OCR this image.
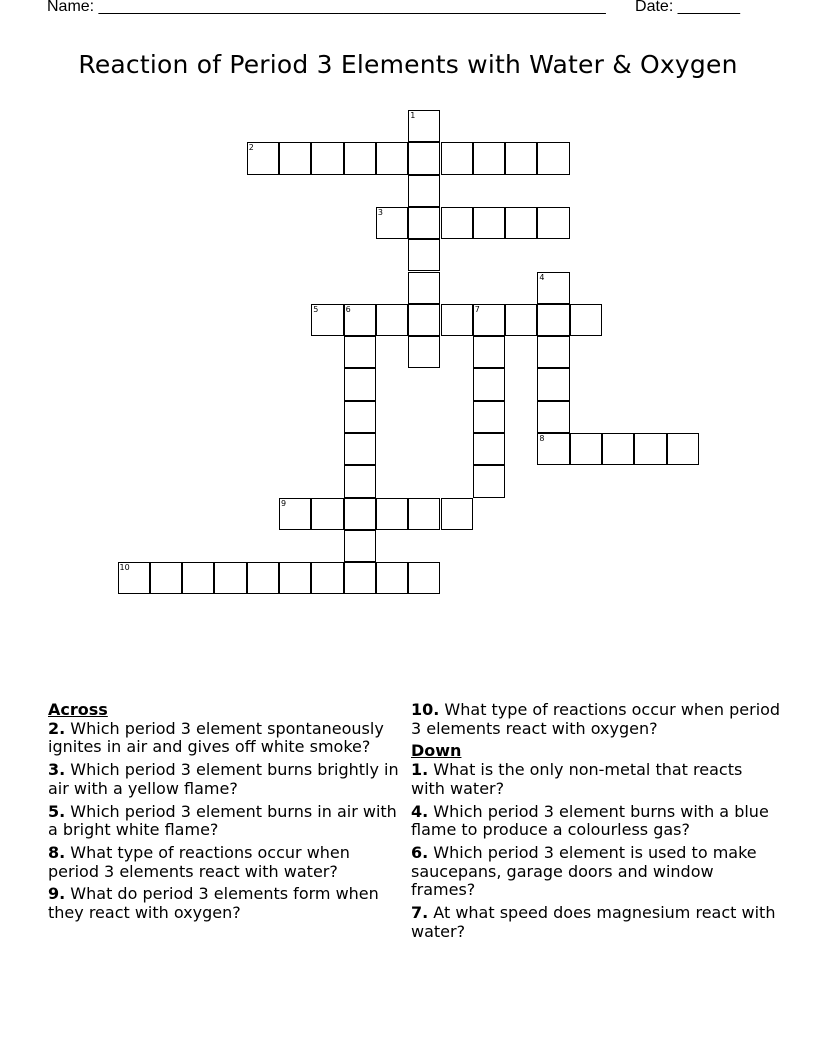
Name: _________________________________________________________ Date: _______
Reaction of Period 3 Elements with Water & Oxygen
1
2
3
4
8
5	6	7
9
10

Across

2. Which period 3 element spontaneously ignites in air and gives off white smoke?

3. Which period 3 element burns brightly in air with a yellow flame?

5. Which period 3 element burns in air with a bright white flame?

8. What type of reactions occur when period 3 elements react with water?

9. What do period 3 elements form when they react with oxygen?

10. What type of reactions occur when period 3 elements react with oxygen?

Down

1. What is the only non-metal that reacts with water?

4. Which period 3 element burns with a blue flame to produce a colourless gas?

6. Which period 3 element is used to make saucepans, garage doors and window frames?

7. At what speed does magnesium react with water?
